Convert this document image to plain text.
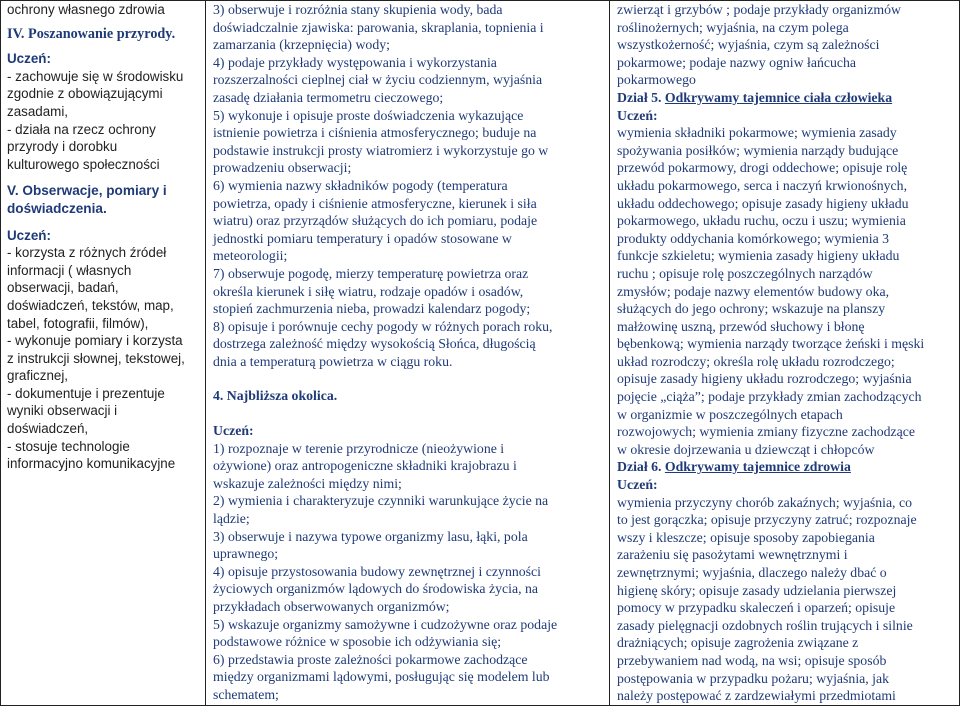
ochrony własnego zdrowia
IV. Poszanowanie przyrody.
Uczeń:
- zachowuje się w środowisku
zgodnie z obowiązującymi
zasadami,
- działa na rzecz ochrony
przyrody i dorobku
kulturowego społeczności
V. Obserwacje, pomiary i
doświadczenia.
Uczeń:
- korzysta z różnych źródeł
informacji ( własnych
obserwacji, badań,
doświadczeń, tekstów, map,
tabel, fotografii, filmów),
- wykonuje pomiary i korzysta
z instrukcji słownej, tekstowej,
graficznej,
- dokumentuje i prezentuje
wyniki obserwacji i
doświadczeń,
- stosuje technologie
informacyjno komunikacyjne

3) obserwuje i rozróżnia stany skupienia wody, bada
doświadczalnie zjawiska: parowania, skraplania, topnienia i
zamarzania (krzepnięcia) wody;
4) podaje przykłady występowania i wykorzystania
rozszerzalności cieplnej ciał w życiu codziennym, wyjaśnia
zasadę działania termometru cieczowego;
5) wykonuje i opisuje proste doświadczenia wykazujące
istnienie powietrza i ciśnienia atmosferycznego; buduje na
podstawie instrukcji prosty wiatromierz i wykorzystuje go w
prowadzeniu obserwacji;
6) wymienia nazwy składników pogody (temperatura
powietrza, opady i ciśnienie atmosferyczne, kierunek i siła
wiatru) oraz przyrządów służących do ich pomiaru, podaje
jednostki pomiaru temperatury i opadów stosowane w
meteorologii;
7) obserwuje pogodę, mierzy temperaturę powietrza oraz
określa kierunek i siłę wiatru, rodzaje opadów i osadów,
stopień zachmurzenia nieba, prowadzi kalendarz pogody;
8) opisuje i porównuje cechy pogody w różnych porach roku,
dostrzega zależność między wysokością Słońca, długością
dnia a temperaturą powietrza w ciągu roku.
4. Najbliższa okolica.
Uczeń:
1) rozpoznaje w terenie przyrodnicze (nieożywione i
ożywione) oraz antropogeniczne składniki krajobrazu i
wskazuje zależności między nimi;
2) wymienia i charakteryzuje czynniki warunkujące życie na
lądzie;
3) obserwuje i nazywa typowe organizmy lasu, łąki, pola
uprawnego;
4) opisuje przystosowania budowy zewnętrznej i czynności
życiowych organizmów lądowych do środowiska życia, na
przykładach obserwowanych organizmów;
5) wskazuje organizmy samożywne i cudzożywne oraz podaje
podstawowe różnice w sposobie ich odżywiania się;
6) przedstawia proste zależności pokarmowe zachodzące
między organizmami lądowymi, posługując się modelem lub
schematem;

zwierząt i grzybów ; podaje przykłady organizmów
roślinożernych; wyjaśnia, na czym polega
wszystkożerność; wyjaśnia, czym są zależności
pokarmowe; podaje nazwy ogniw łańcucha
pokarmowego
Dział 5. Odkrywamy tajemnice ciała człowieka
Uczeń:
wymienia składniki pokarmowe; wymienia zasady
spożywania posiłków; wymienia narządy budujące
przewód pokarmowy, drogi oddechowe; opisuje rolę
układu pokarmowego, serca i naczyń krwionośnych,
układu oddechowego; opisuje zasady higieny układu
pokarmowego, układu ruchu, oczu i uszu; wymienia
produkty oddychania komórkowego; wymienia 3
funkcje szkieletu; wymienia zasady higieny układu
ruchu ; opisuje rolę poszczególnych narządów
zmysłów; podaje nazwy elementów budowy oka,
służących do jego ochrony; wskazuje na planszy
małżowinę uszną, przewód słuchowy i błonę
bębenkową; wymienia narządy tworzące żeński i męski
układ rozrodczy; określa rolę układu rozrodczego;
opisuje zasady higieny układu rozrodczego; wyjaśnia
pojęcie „ciąża”; podaje przykłady zmian zachodzących
w organizmie w poszczególnych etapach
rozwojowych; wymienia zmiany fizyczne zachodzące
w okresie dojrzewania u dziewcząt i chłopców
Dział 6. Odkrywamy tajemnice zdrowia
Uczeń:
wymienia przyczyny chorób zakaźnych; wyjaśnia, co
to jest gorączka; opisuje przyczyny zatruć; rozpoznaje
wszy i kleszcze; opisuje sposoby zapobiegania
zarażeniu się pasożytami wewnętrznymi i
zewnętrznymi; wyjaśnia, dlaczego należy dbać o
higienę skóry; opisuje zasady udzielania pierwszej
pomocy w przypadku skaleczeń i oparzeń; opisuje
zasady pielęgnacji ozdobnych roślin trujących i silnie
drażniących; opisuje zagrożenia związane z
przebywaniem nad wodą, na wsi; opisuje sposób
postępowania w przypadku pożaru; wyjaśnia, jak
należy postępować z zardzewiałymi przedmiotami
